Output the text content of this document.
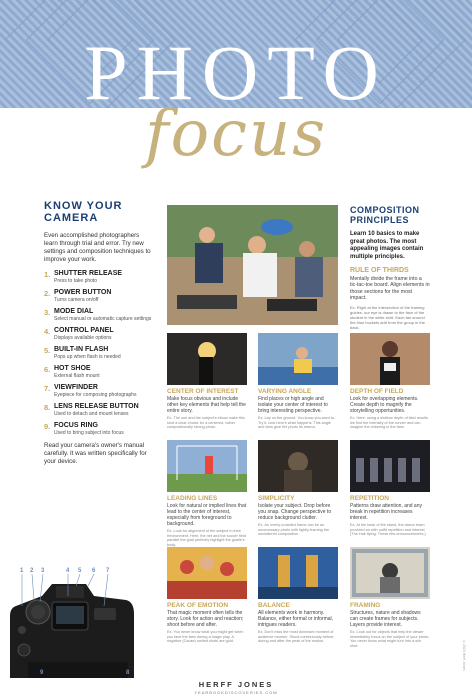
PHOTO
focus
KNOW YOUR CAMERA

Even accomplished photographers learn through trial and error. Try new settings and composition techniques to improve your work.

1. SHUTTER RELEASE
Press to take photo
2. POWER BUTTON
Turns camera on/off
3. MODE DIAL
Select manual or automatic capture settings
4. CONTROL PANEL
Displays available options
5. BUILT-IN FLASH
Pops up when flash is needed
6. HOT SHOE
External flash mount
7. VIEWFINDER
Eyepiece for composing photographs
8. LENS RELEASE BUTTON
Used to detach and mount lenses
9. FOCUS RING
Used to bring subject into focus

Read your camera's owner's manual carefully. It was written specifically for your device.

1 2 3	4 5 6 7
8
9
COMPOSITION PRINCIPLES

Learn 10 basics to make great photos. The most appealing images contain multiple principles.

RULE OF THIRDS
Mentally divide the frame into a tic-tac-toe board. Align elements in those sections for the most impact.
Ex. Right at the intersection of the framing guides, our eye is drawn to the face of the student in the white shirt. Each fan around the blue buckets add from the group in the back.
CENTER OF INTEREST
Make focus obvious and include other key elements that help tell the entire story.
Ex. The sun and the subject's elbow make this shot a clear choice for a centered, rather compositionally strong photo.
VARYING ANGLE
Find places or high angle and isolate your center of interest to bring interesting perspective.
Ex. Lay on the ground. You know you want to. Try it, look here's what happens. This angle and view give the photo its drama.
DEPTH OF FIELD
Look for overlapping elements. Create depth to magnify the storytelling opportunities.
Ex. Here, using a shallow depth of field results we find the intensity of the runner and can imagine the cheering in the fans.
LEADING LINES
Look for natural or implied lines that lead to the center of interest, especially from foreground to background.
Ex. Look for alignment of the subject in their environment. Here, the net and the soccer field parallel the goal perfectly highlight the goalie's body.
SIMPLICITY
Isolate your subject. Drop before you snap. Change perspective to reduce background clutter.
Ex. An overly-crowded frame can be an unnecessary photo with tightly-framing the uncluttered composition.
REPETITION
Patterns draw attention, and any break in repetition increases interest.
Ex. At the back of the stand, the dance team provided an with outfit repetition and interest. (The Hair flying. These few announcements.)
PEAK OF EMOTION
That magic moment often tells the story. Look for action and reaction; shoot before and after.
Ex. You never know what you might get when you face the fans during a magic play. A negative (Cause) smiled shots are gold.
BALANCE
All elements work in harmony. Balance, either formal or informal, intrigues readers.
Ex. Don't miss the most dominant moment of audience murmur. Shoot continuously before, during and after the peak of the motion.
FRAMING
Structures, nature and shadows can create frames for subjects. Layers provide interest.
Ex. Look out for objects that help the viewer immediately focus on the subject of your photo. You never know what might turn into a win shot.
HERFF JONES
YEARBOOKDISCOVERIES.COM
©2015 Herff Jones
